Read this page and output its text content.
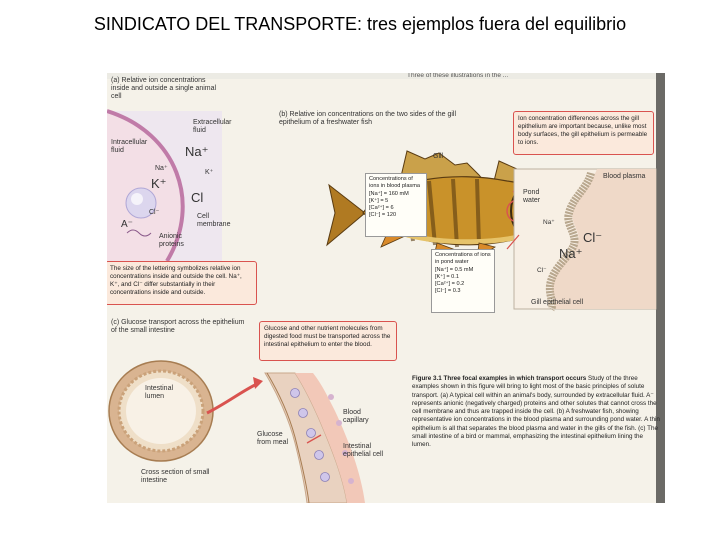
SINDICATO DEL TRANSPORTE: tres ejemplos fuera del equilibrio
Three of these illustrations in the ...
(a) Relative ion concentrations inside and outside a single animal cell
Intracellular fluid
Extracellular fluid
Na⁺
K⁺
Na⁺
K⁺
Cl⁻
A⁻
Cl
Cell membrane
Anionic proteins
The size of the lettering symbolizes relative ion concentrations inside and outside the cell. Na⁺, K⁺, and Cl⁻ differ substantially in their concentrations inside and outside.
(b) Relative ion concentrations on the two sides of the gill epithelium of a freshwater fish
Gill
Concentrations of ions in blood plasma
[Na⁺] = 160 mM
[K⁺] = 5
[Ca²⁺] = 6
[Cl⁻] = 120
Concentrations of ions in pond water
[Na⁺] = 0.5 mM
[K⁺] = 0.1
[Ca²⁺] = 0.2
[Cl⁻] = 0.3
Ion concentration differences across the gill epithelium are important because, unlike most body surfaces, the gill epithelium is permeable to ions.
Blood plasma
Pond water
Na⁺
Cl⁻
Na⁺
Cl⁻
Gill epithelial cell
(c) Glucose transport across the epithelium of the small intestine	Glucose and other nutrient molecules from digested food must be transported across the intestinal epithelium to enter the blood.
Intestinal lumen
Cross section of small intestine
Glucose from meal
Blood capillary
Intestinal epithelial cell
Figure 3.1 Three focal examples in which transport occurs Study of the three examples shown in this figure will bring to light most of the basic principles of solute transport. (a) A typical cell within an animal's body, surrounded by extracellular fluid. A⁻ represents anionic (negatively charged) proteins and other solutes that cannot cross the cell membrane and thus are trapped inside the cell. (b) A freshwater fish, showing representative ion concentrations in the blood plasma and surrounding pond water. A thin epithelium is all that separates the blood plasma and water in the gills of the fish. (c) The small intestine of a bird or mammal, emphasizing the intestinal epithelium lining the lumen.
